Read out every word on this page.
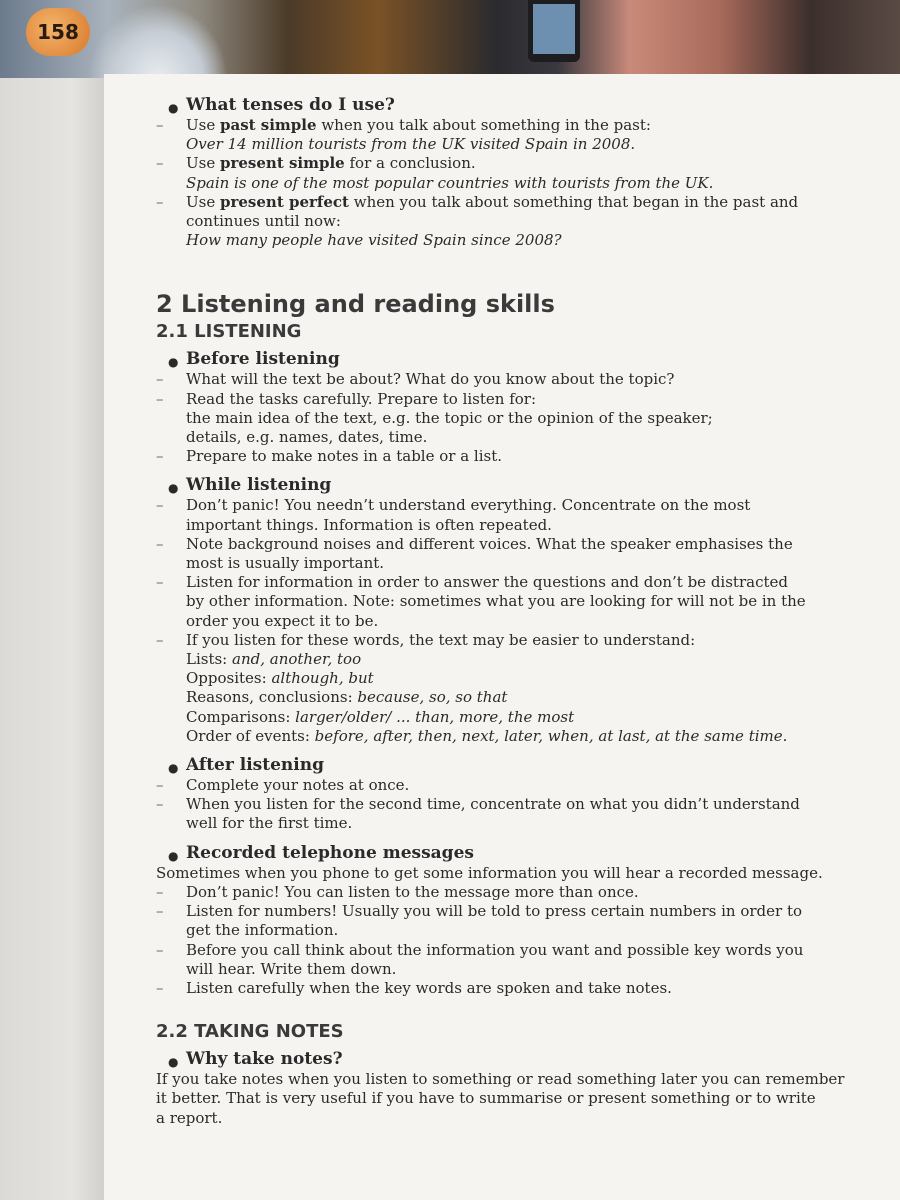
158
● What tenses do I use?
– Use past simple when you talk about something in the past:
Over 14 million tourists from the UK visited Spain in 2008.
– Use present simple for a conclusion.
Spain is one of the most popular countries with tourists from the UK.
– Use present perfect when you talk about something that began in the past and
continues until now:
How many people have visited Spain since 2008?
2 Listening and reading skills
2.1 LISTENING
● Before listening
– What will the text be about? What do you know about the topic?
– Read the tasks carefully. Prepare to listen for:
the main idea of the text, e.g. the topic or the opinion of the speaker;
details, e.g. names, dates, time.
– Prepare to make notes in a table or a list.
● While listening
– Don’t panic! You needn’t understand everything. Concentrate on the most
important things. Information is often repeated.
– Note background noises and different voices. What the speaker emphasises the
most is usually important.
– Listen for information in order to answer the questions and don’t be distracted
by other information. Note: sometimes what you are looking for will not be in the
order you expect it to be.
– If you listen for these words, the text may be easier to understand:
Lists: and, another, too
Opposites: although, but
Reasons, conclusions: because, so, so that
Comparisons: larger/older/ ... than, more, the most
Order of events: before, after, then, next, later, when, at last, at the same time.
● After listening
– Complete your notes at once.
– When you listen for the second time, concentrate on what you didn’t understand
well for the first time.
● Recorded telephone messages
Sometimes when you phone to get some information you will hear a recorded message.
– Don’t panic! You can listen to the message more than once.
– Listen for numbers! Usually you will be told to press certain numbers in order to
get the information.
– Before you call think about the information you want and possible key words you
will hear. Write them down.
– Listen carefully when the key words are spoken and take notes.
2.2 TAKING NOTES
● Why take notes?
If you take notes when you listen to something or read something later you can remember
it better. That is very useful if you have to summarise or present something or to write
a report.
